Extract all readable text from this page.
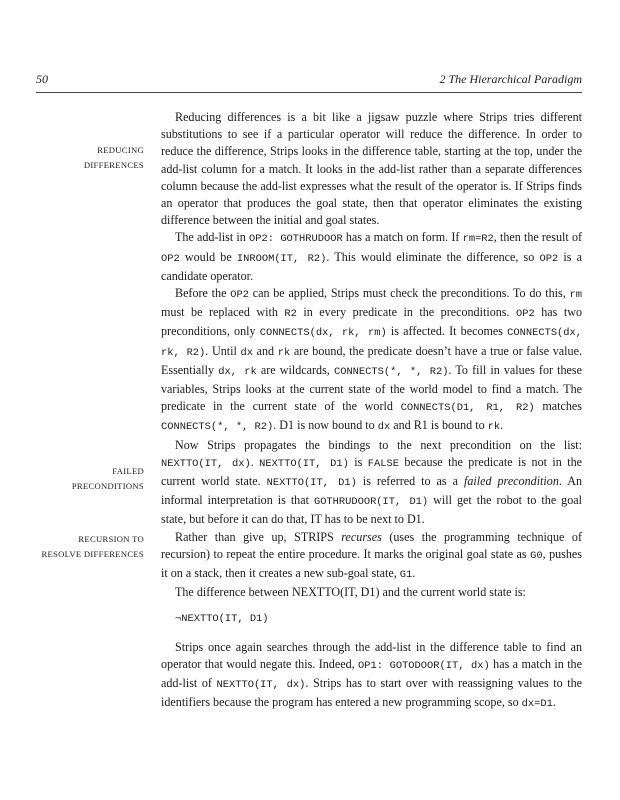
50	2 The Hierarchical Paradigm
REDUCING
DIFFERENCES
FAILED
PRECONDITIONS
RECURSION TO
RESOLVE DIFFERENCES

Reducing differences is a bit like a jigsaw puzzle where Strips tries different substitutions to see if a particular operator will reduce the difference. In order to reduce the difference, Strips looks in the difference table, starting at the top, under the add-list column for a match. It looks in the add-list rather than a separate differences column because the add-list expresses what the result of the operator is. If Strips finds an operator that produces the goal state, then that operator eliminates the existing difference between the initial and goal states.

The add-list in OP2: GOTHRUDOOR has a match on form. If rm=R2, then the result of OP2 would be INROOM(IT, R2). This would eliminate the difference, so OP2 is a candidate operator.

Before the OP2 can be applied, Strips must check the preconditions. To do this, rm must be replaced with R2 in every predicate in the preconditions. OP2 has two preconditions, only CONNECTS(dx, rk, rm) is affected. It becomes CONNECTS(dx, rk, R2). Until dx and rk are bound, the predicate doesn’t have a true or false value. Essentially dx, rk are wildcards, CONNECTS(*, *, R2). To fill in values for these variables, Strips looks at the current state of the world model to find a match. The predicate in the current state of the world CONNECTS(D1, R1, R2) matches CONNECTS(*, *, R2). D1 is now bound to dx and R1 is bound to rk.

Now Strips propagates the bindings to the next precondition on the list: NEXTTO(IT, dx). NEXTTO(IT, D1) is FALSE because the predicate is not in the current world state. NEXTTO(IT, D1) is referred to as a failed precondition. An informal interpretation is that GOTHRUDOOR(IT, D1) will get the robot to the goal state, but before it can do that, IT has to be next to D1.

Rather than give up, STRIPS recurses (uses the programming technique of recursion) to repeat the entire procedure. It marks the original goal state as G0, pushes it on a stack, then it creates a new sub-goal state, G1.

The difference between NEXTTO(IT, D1) and the current world state is:

¬NEXTTO(IT, D1)

Strips once again searches through the add-list in the difference table to find an operator that would negate this. Indeed, OP1: GOTODOOR(IT, dx) has a match in the add-list of NEXTTO(IT, dx). Strips has to start over with reassigning values to the identifiers because the program has entered a new programming scope, so dx=D1.
